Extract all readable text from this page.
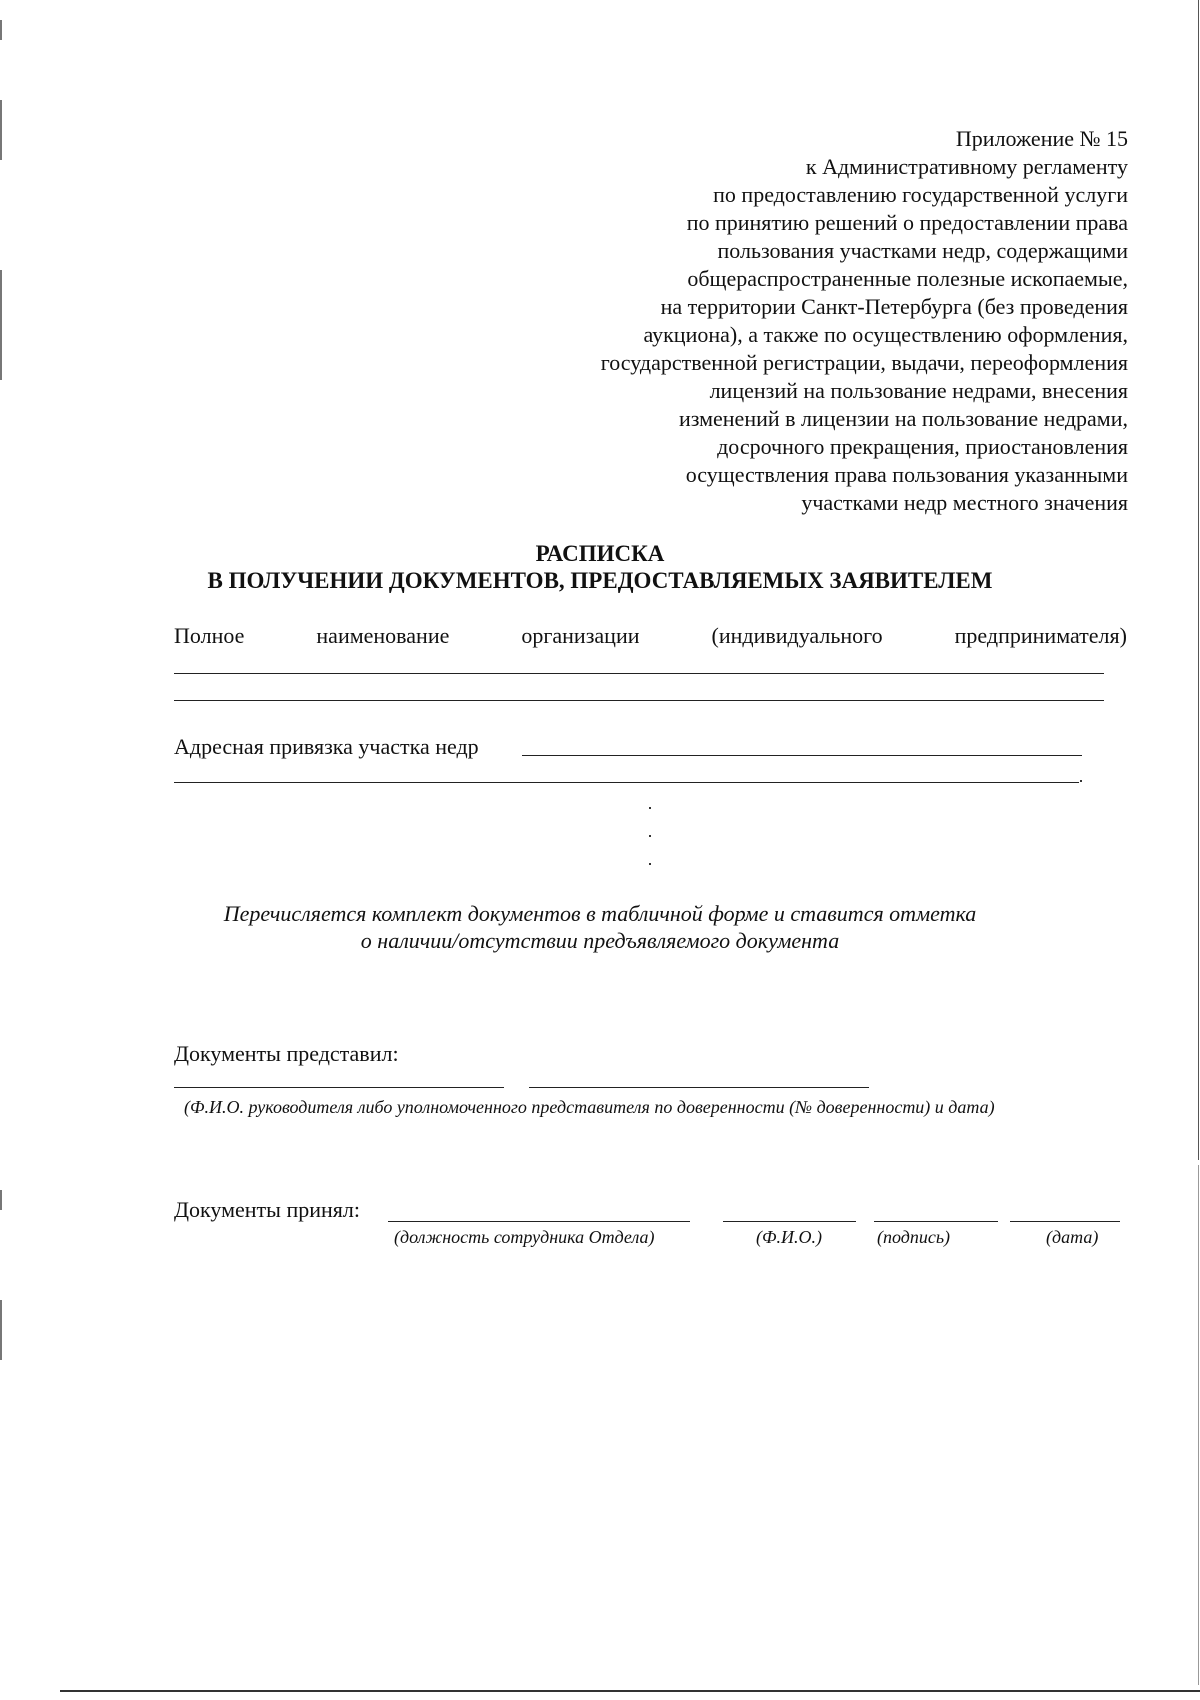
Приложение № 15
к Административному регламенту
по предоставлению государственной услуги
по принятию решений о предоставлении права
пользования участками недр, содержащими
общераспространенные полезные ископаемые,
на территории Санкт-Петербурга (без проведения
аукциона), а также по осуществлению оформления,
государственной регистрации, выдачи, переоформления
лицензий на пользование недрами, внесения
изменений в лицензии на пользование недрами,
досрочного прекращения, приостановления
осуществления права пользования указанными
участками недр местного значения
РАСПИСКА
В ПОЛУЧЕНИИ ДОКУМЕНТОВ, ПРЕДОСТАВЛЯЕМЫХ ЗАЯВИТЕЛЕМ
Полное	наименование	организации	(индивидуального	предпринимателя)
Адресная привязка участка недр
Перечисляется комплект документов в табличной форме и ставится отметка
о наличии/отсутствии предъявляемого документа
Документы представил:
(Ф.И.О. руководителя либо уполномоченного представителя по доверенности (№ доверенности) и дата)
Документы принял:
(должность сотрудника Отдела)	(Ф.И.О.)	(подпись)	(дата)
